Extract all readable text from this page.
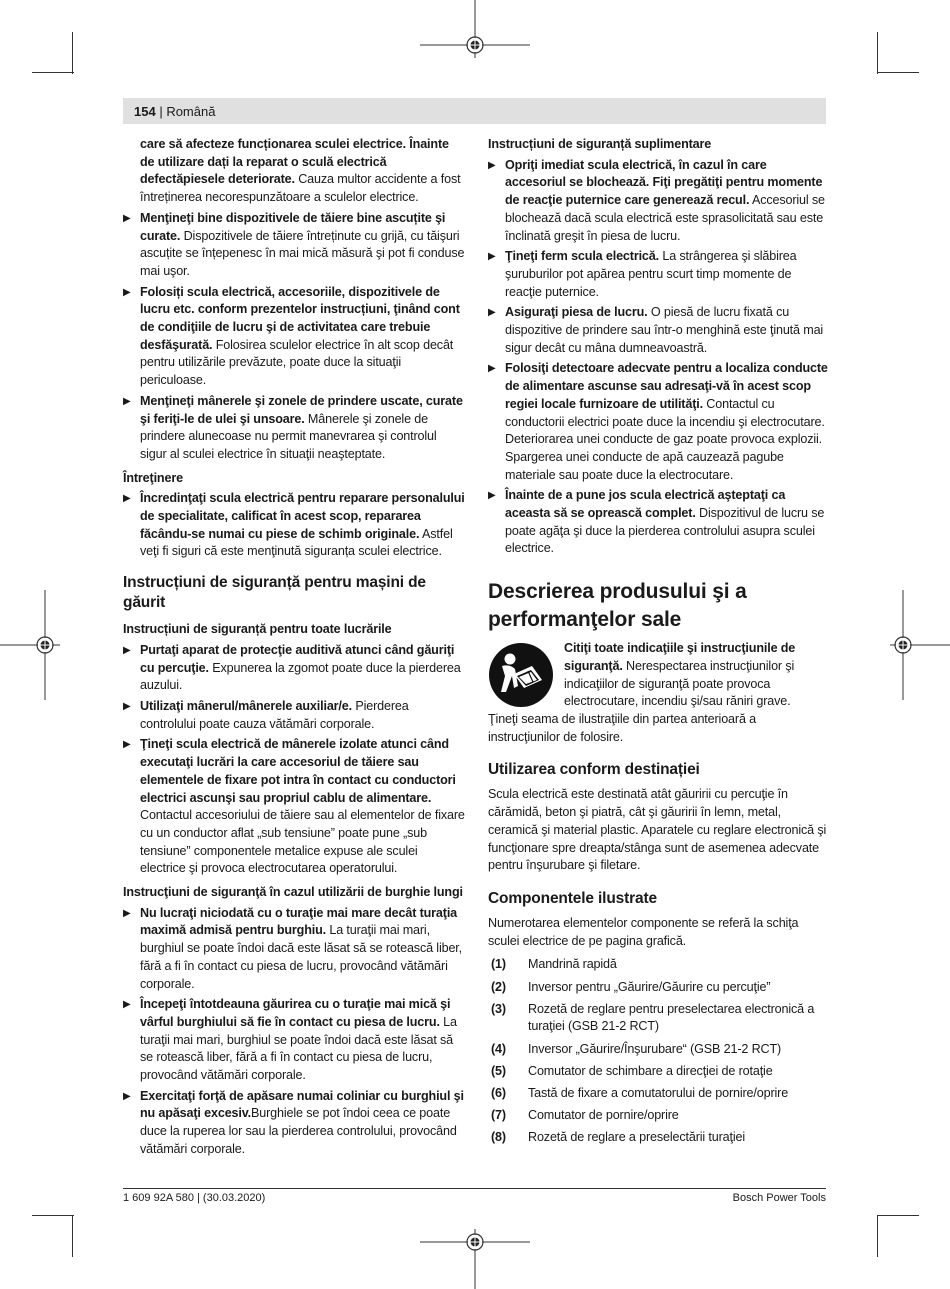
154 | Română
care să afecteze funcționarea sculei electrice. Înainte de utilizare dați la reparat o sculă electrică defectăpiesele deteriorate. Cauza multor accidente a fost întreținerea necorespunzătoare a sculelor electrice.
▶ Menţineţi bine dispozitivele de tăiere bine ascuțite şi curate. Dispozitivele de tăiere întreținute cu grijă, cu tăişuri ascuțite se înțepenesc în mai mică măsură şi pot fi conduse mai uşor.
▶ Folosiți scula electrică, accesoriile, dispozitivele de lucru etc. conform prezentelor instrucțiuni, ţinând cont de condiţiile de lucru şi de activitatea care trebuie desfăşurată. Folosirea sculelor electrice în alt scop decât pentru utilizările prevăzute, poate duce la situaţii periculoase.
▶ Menţineţi mânerele şi zonele de prindere uscate, curate şi feriţi-le de ulei şi unsoare. Mânerele şi zonele de prindere alunecoase nu permit manevrarea şi controlul sigur al sculei electrice în situaţii neaşteptate.
Întreţinere
▶ Încredinţaţi scula electrică pentru reparare personalului de specialitate, calificat în acest scop, repararea făcându-se numai cu piese de schimb originale. Astfel veţi fi siguri că este menţinută siguranța sculei electrice.
Instrucțiuni de siguranță pentru mașini de găurit
Instrucțiuni de siguranță pentru toate lucrările
▶ Purtaţi aparat de protecţie auditivă atunci când găuriţi cu percuţie. Expunerea la zgomot poate duce la pierderea auzului.
▶ Utilizaţi mânerul/mânerele auxiliar/e. Pierderea controlului poate cauza vătămări corporale.
▶ Ţineţi scula electrică de mânerele izolate atunci când executaţi lucrări la care accesoriul de tăiere sau elementele de fixare pot intra în contact cu conductori electrici ascunşi sau propriul cablu de alimentare. Contactul accesoriului de tăiere sau al elementelor de fixare cu un conductor aflat „sub tensiune” poate pune „sub tensiune” componentele metalice expuse ale sculei electrice şi provoca electrocutarea operatorului.
Instrucţiuni de siguranţă în cazul utilizării de burghie lungi
▶ Nu lucraţi niciodată cu o turaţie mai mare decât turaţia maximă admisă pentru burghiu. La turaţii mai mari, burghiul se poate îndoi dacă este lăsat să se rotească liber, fără a fi în contact cu piesa de lucru, provocând vătămări corporale.
▶ Începeţi întotdeauna găurirea cu o turaţie mai mică şi vârful burghiului să fie în contact cu piesa de lucru. La turaţii mai mari, burghiul se poate îndoi dacă este lăsat să se rotească liber, fără a fi în contact cu piesa de lucru, provocând vătămări corporale.
▶ Exercitaţi forţă de apăsare numai coliniar cu burghiul şi nu apăsaţi excesiv.Burghiele se pot îndoi ceea ce poate duce la ruperea lor sau la pierderea controlului, provocând vătămări corporale.
Instrucțiuni de siguranță suplimentare
▶ Opriţi imediat scula electrică, în cazul în care accesoriul se blochează. Fiţi pregătiţi pentru momente de reacţie puternice care generează recul. Accesoriul se blochează dacă scula electrică este sprasolicitată sau este înclinată greşit în piesa de lucru.
▶ Ţineţi ferm scula electrică. La strângerea şi slăbirea şuruburilor pot apărea pentru scurt timp momente de reacţie puternice.
▶ Asiguraţi piesa de lucru. O piesă de lucru fixată cu dispozitive de prindere sau într-o menghină este ţinută mai sigur decât cu mâna dumneavoastră.
▶ Folosiţi detectoare adecvate pentru a localiza conducte de alimentare ascunse sau adresaţi-vă în acest scop regiei locale furnizoare de utilităţi. Contactul cu conductorii electrici poate duce la incendiu şi electrocutare. Deteriorarea unei conducte de gaz poate provoca explozii. Spargerea unei conducte de apă cauzează pagube materiale sau poate duce la electrocutare.
▶ Înainte de a pune jos scula electrică aşteptaţi ca aceasta să se oprească complet. Dispozitivul de lucru se poate agăţa şi duce la pierderea controlului asupra sculei electrice.
Descrierea produsului şi a performanţelor sale
Citiţi toate indicaţiile şi instrucţiunile de siguranţă. Nerespectarea instrucţiunilor şi indicaţiilor de siguranţă poate provoca electrocutare, incendiu şi/sau răniri grave.
Ţineţi seama de ilustraţiile din partea anterioară a instrucţiunilor de folosire.
Utilizarea conform destinației
Scula electrică este destinată atât găuririi cu percuţie în cărămidă, beton şi piatră, cât şi găuririi în lemn, metal, ceramică şi material plastic. Aparatele cu reglare electronică şi funcţionare spre dreapta/stânga sunt de asemenea adecvate pentru înşurubare şi filetare.
Componentele ilustrate
Numerotarea elementelor componente se referă la schiţa sculei electrice de pe pagina grafică.
(1) Mandrină rapidă
(2) Inversor pentru „Găurire/Găurire cu percuţie”
(3) Rozetă de reglare pentru preselectarea electronică a turaţiei (GSB 21-2 RCT)
(4) Inversor „Găurire/Înşurubare“ (GSB 21-2 RCT)
(5) Comutator de schimbare a direcţiei de rotaţie
(6) Tastă de fixare a comutatorului de pornire/oprire
(7) Comutator de pornire/oprire
(8) Rozetă de reglare a preselectării turaţiei
1 609 92A 580 | (30.03.2020)	Bosch Power Tools
